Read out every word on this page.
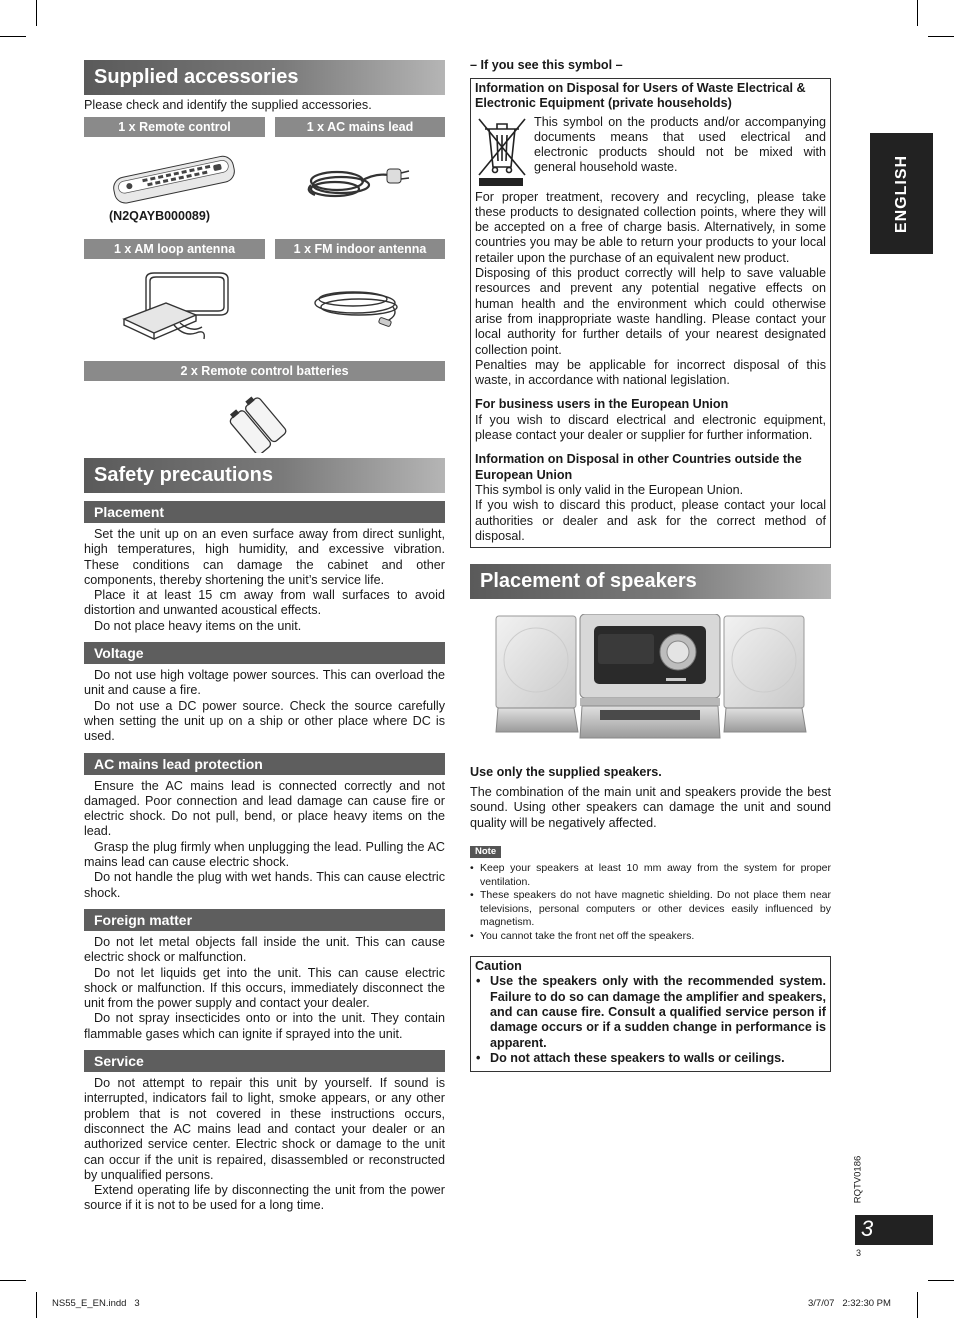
Supplied accessories
Please check and identify the supplied accessories.
1 x Remote control
(N2QAYB000089)
1 x AC mains lead
1 x AM loop antenna	1 x FM indoor antenna
2 x Remote control batteries
Safety precautions
Placement

Set the unit up on an even surface away from direct sunlight, high temperatures, high humidity, and excessive vibration. These conditions can damage the cabinet and other components, thereby shortening the unit’s service life.

Place it at least 15 cm away from wall surfaces to avoid distortion and unwanted acoustical effects.

Do not place heavy items on the unit.

Voltage

Do not use high voltage power sources. This can overload the unit and cause a fire.

Do not use a DC power source. Check the source carefully when setting the unit up on a ship or other place where DC is used.

AC mains lead protection

Ensure the AC mains lead is connected correctly and not damaged. Poor connection and lead damage can cause fire or electric shock. Do not pull, bend, or place heavy items on the lead.

Grasp the plug firmly when unplugging the lead. Pulling the AC mains lead can cause electric shock.

Do not handle the plug with wet hands. This can cause electric shock.

Foreign matter

Do not let metal objects fall inside the unit. This can cause electric shock or malfunction.

Do not let liquids get into the unit. This can cause electric shock or malfunction. If this occurs, immediately disconnect the unit from the power supply and contact your dealer.

Do not spray insecticides onto or into the unit. They contain flammable gases which can ignite if sprayed into the unit.

Service

Do not attempt to repair this unit by yourself. If sound is interrupted, indicators fail to light, smoke appears, or any other problem that is not covered in these instructions occurs, disconnect the AC mains lead and contact your dealer or an authorized service center. Electric shock or damage to the unit can occur if the unit is repaired, disassembled or reconstructed by unqualified persons.

Extend operating life by disconnecting the unit from the power source if it is not to be used for a long time.

– If you see this symbol –
Information on Disposal for Users of Waste Electrical & Electronic Equipment (private households)
This symbol on the products and/or accompanying documents means that used electrical and electronic products should not be mixed with general household waste.

For proper treatment, recovery and recycling, please take these products to designated collection points, where they will be accepted on a free of charge basis. Alternatively, in some countries you may be able to return your products to your local retailer upon the purchase of an equivalent new product.

Disposing of this product correctly will help to save valuable resources and prevent any potential negative effects on human health and the environment which could otherwise arise from inappropriate waste handling. Please contact your local authority for further details of your nearest designated collection point.

Penalties may be applicable for incorrect disposal of this waste, in accordance with national legislation.

For business users in the European Union

If you wish to discard electrical and electronic equipment, please contact your dealer or supplier for further information.

Information on Disposal in other Countries outside the European Union

This symbol is only valid in the European Union.

If you wish to discard this product, please contact your local authorities or dealer and ask for the correct method of disposal.

Placement of speakers
Use only the supplied speakers.

The combination of the main unit and speakers provide the best sound. Using other speakers can damage the unit and sound quality will be negatively affected.

Note
• Keep your speakers at least 10 mm away from the system for proper ventilation.
• These speakers do not have magnetic shielding. Do not place them near televisions, personal computers or other devices easily influenced by magnetism.
• You cannot take the front net off the speakers.
Caution
• Use the speakers only with the recommended system. Failure to do so can damage the amplifier and speakers, and can cause fire. Consult a qualified service person if damage occurs or if a sudden change in performance is apparent.
• Do not attach these speakers to walls or ceilings.
ENGLISH
RQTV0186
3
3
NS55_E_EN.indd   3	3/7/07   2:32:30 PM
